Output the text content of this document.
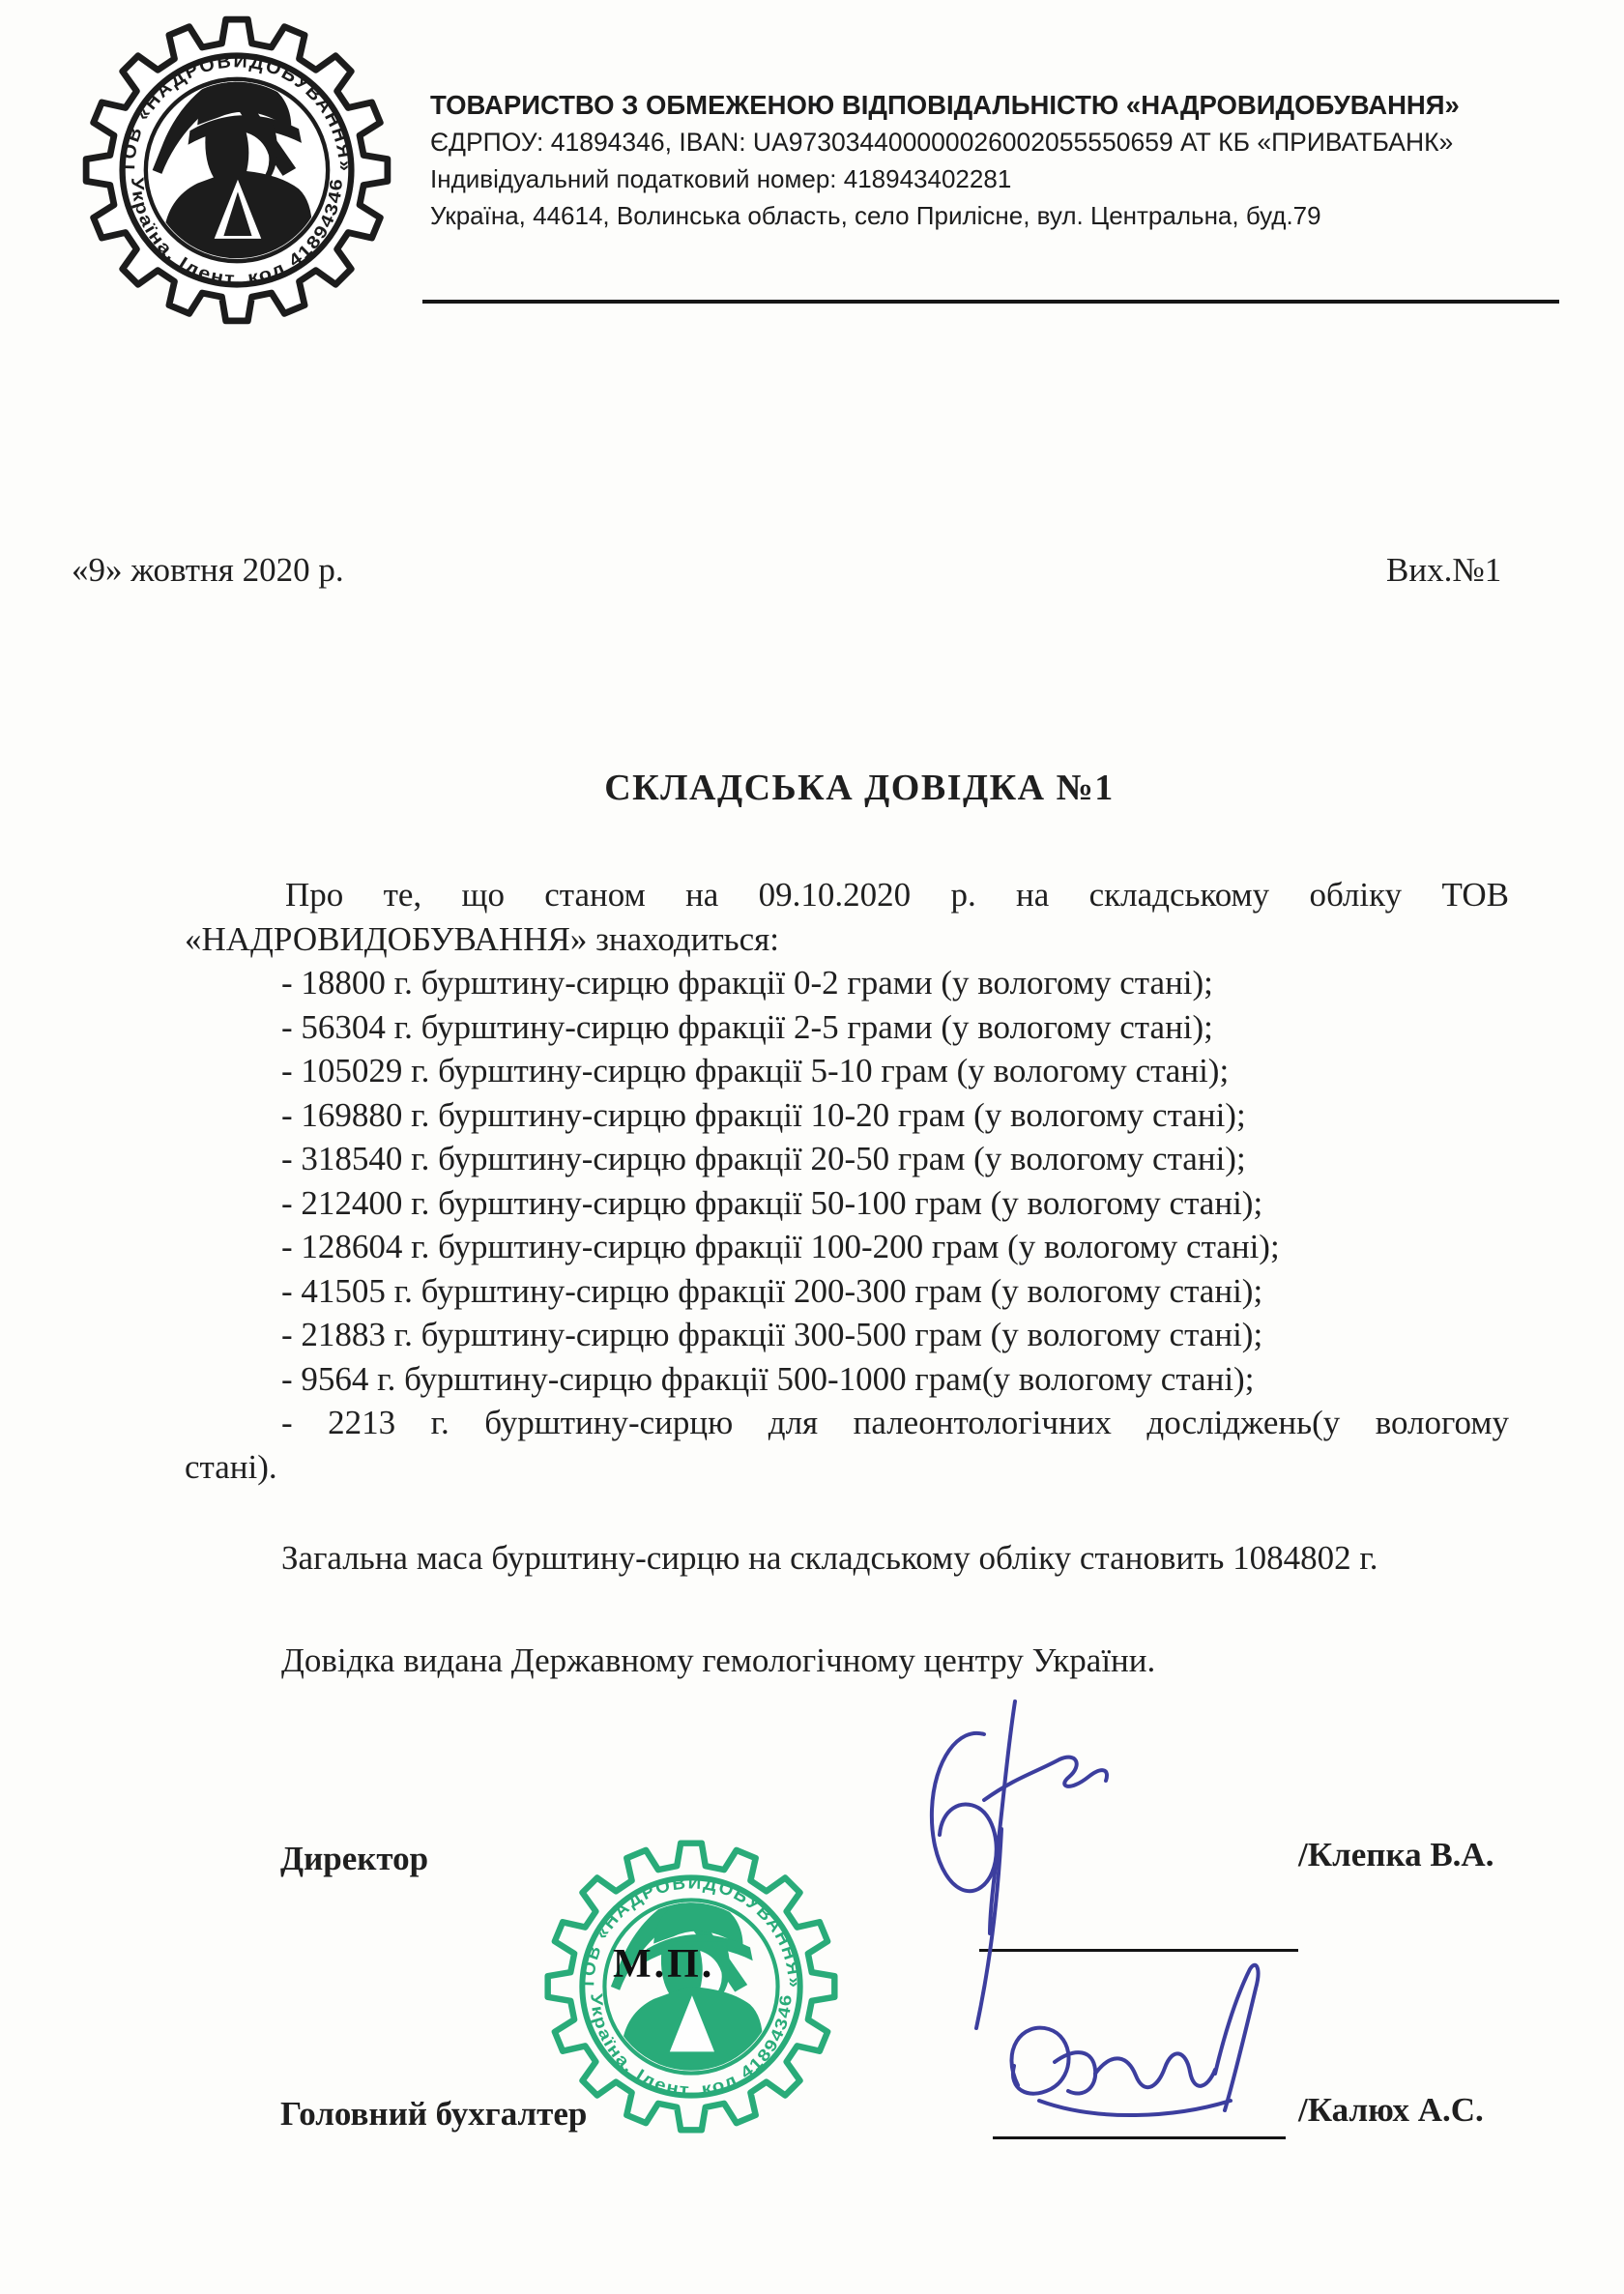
ТОВ «НАДРОВИДОБУВАННЯ»
Україна, Ідент. код 41894346
ТОВАРИСТВО З ОБМЕЖЕНОЮ ВІДПОВІДАЛЬНІСТЮ «НАДРОВИДОБУВАННЯ»
ЄДРПОУ: 41894346, IBAN: UA973034400000026002055550659 АТ КБ «ПРИВАТБАНК»
Індивідуальний податковий номер: 418943402281
Україна, 44614, Волинська область, село Прилісне, вул. Центральна, буд.79
«9» жовтня 2020 р.	Вих.№1
СКЛАДСЬКА ДОВІДКА №1
Про те, що станом на 09.10.2020 р. на складському обліку ТОВ
«НАДРОВИДОБУВАННЯ» знаходиться:
- 18800 г. бурштину-сирцю фракції 0-2 грами (у вологому стані);
- 56304 г. бурштину-сирцю фракції 2-5 грами (у вологому стані);
- 105029 г. бурштину-сирцю фракції 5-10 грам (у вологому стані);
- 169880 г. бурштину-сирцю фракції 10-20 грам (у вологому стані);
- 318540 г. бурштину-сирцю фракції 20-50 грам (у вологому стані);
- 212400 г. бурштину-сирцю фракції 50-100 грам (у вологому стані);
- 128604 г. бурштину-сирцю фракції 100-200 грам (у вологому стані);
- 41505 г. бурштину-сирцю фракції 200-300 грам (у вологому стані);
- 21883 г. бурштину-сирцю фракції 300-500 грам (у вологому стані);
- 9564 г. бурштину-сирцю фракції 500-1000 грам(у вологому стані);
- 2213 г. бурштину-сирцю для палеонтологічних досліджень(у вологому
стані).
Загальна маса бурштину-сирцю на складському обліку становить 1084802 г.
Довідка видана Державному гемологічному центру України.
Директор	/Клепка В.А.
ТОВ «НАДРОВИДОБУВАННЯ»
Україна, Ідент. код 41894346
М.П.
Головний бухгалтер	/Калюх А.С.
